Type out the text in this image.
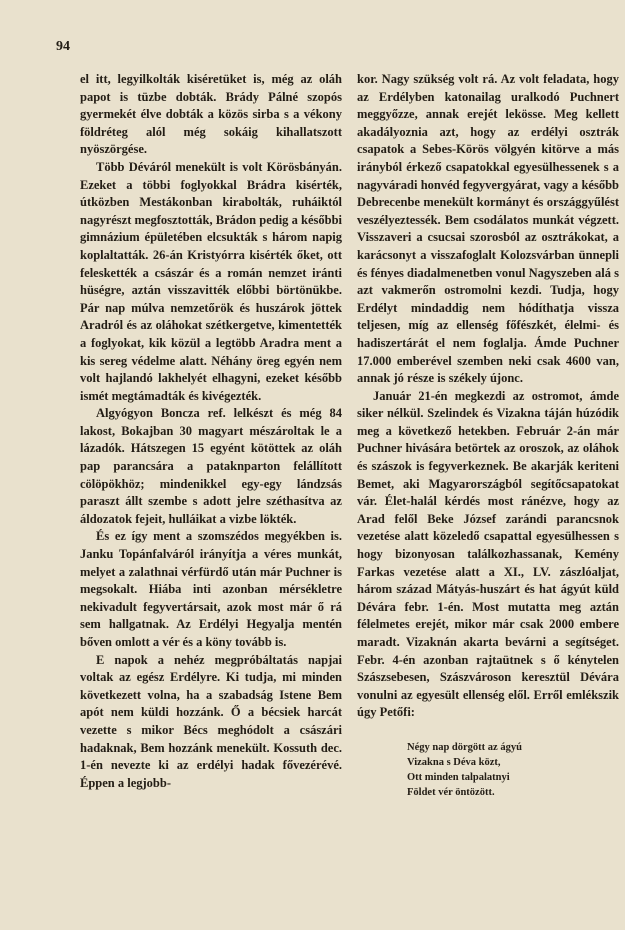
94

el itt, legyilkolták kiséretüket is, még az oláh papot is tüzbe dobták. Brády Pálné szopós gyermekét élve dobták a közös sirba s a vékony földréteg alól még sokáig kihallatszott nyöszörgése.

Több Déváról menekült is volt Körösbányán. Ezeket a többi foglyokkal Brádra kisérték, útközben Mestákonban kirabolták, ruháiktól nagyrészt megfosztották, Brádon pedig a későbbi gimnázium épületében elcsukták s három napig koplaltatták. 26-án Kristyórra kisérték őket, ott feleskették a császár és a román nemzet iránti hüségre, aztán visszavitték előbbi börtönükbe. Pár nap múlva nemzetőrök és huszárok jöttek Aradról és az oláhokat szétkergetve, kimentették a foglyokat, kik közül a legtöbb Aradra ment a kis sereg védelme alatt. Néhány öreg egyén nem volt hajlandó lakhelyét elhagyni, ezeket később ismét megtámadták és kivégezték.

Algyógyon Boncza ref. lelkészt és még 84 lakost, Bokajban 30 magyart mészároltak le a lázadók. Hátszegen 15 egyént kötöttek az oláh pap parancsára a pataknparton felállított cölöpökhöz; mindenikkel egy-egy lándzsás paraszt állt szembe s adott jelre széthasítva az áldozatok fejeit, hulláikat a vizbe lökték.

És ez így ment a szomszédos megyékben is. Janku Topánfalváról irányítja a véres munkát, melyet a zalathnai vérfürdő után már Puchner is megsokalt. Hiába inti azonban mérsékletre nekivadult fegyvertársait, azok most már ő rá sem hallgatnak. Az Erdélyi Hegyalja mentén bőven omlott a vér és a köny tovább is.

E napok a nehéz megpróbáltatás napjai voltak az egész Erdélyre. Ki tudja, mi minden következett volna, ha a szabadság Istene Bem apót nem küldi hozzánk. Ő a bécsiek harcát vezette s mikor Bécs meghódolt a császári hadaknak, Bem hozzánk menekült. Kossuth dec. 1-én nevezte ki az erdélyi hadak fővezérévé. Éppen a legjobb-

kor. Nagy szükség volt rá. Az volt feladata, hogy az Erdélyben katonailag uralkodó Puchnert meggyőzze, annak erejét lekösse. Meg kellett akadályoznia azt, hogy az erdélyi osztrák csapatok a Sebes-Körös völgyén kitörve a más irányból érkező csapatokkal egyesülhessenek s a nagyváradi honvéd fegyvergyárat, vagy a később Debrecenbe menekült kormányt és országgyűlést veszélyeztessék. Bem csodálatos munkát végzett. Visszaveri a csucsai szorosból az osztrákokat, a karácsonyt a visszafoglalt Kolozsvárban ünnepli és fényes diadalmenetben vonul Nagyszeben alá s azt vakmerőn ostromolni kezdi. Tudja, hogy Erdélyt mindaddig nem hódíthatja vissza teljesen, míg az ellenség főfészkét, élelmi- és hadiszertárát el nem foglalja. Ámde Puchner 17.000 emberével szemben neki csak 4600 van, annak jó része is székely újonc.

Január 21-én megkezdi az ostromot, ámde siker nélkül. Szelindek és Vizakna táján húzódik meg a következő hetekben. Február 2-án már Puchner hivására betörtek az oroszok, az oláhok és szászok is fegyverkeznek. Be akarják keriteni Bemet, aki Magyarországból segítőcsapatokat vár. Élet-halál kérdés most ránézve, hogy az Arad felől Beke József zarándi parancsnok vezetése alatt közeledő csapattal egyesülhessen s hogy bizonyosan találkozhassanak, Kemény Farkas vezetése alatt a XI., LV. zászlóaljat, három század Mátyás-huszárt és hat ágyút küld Dévára febr. 1-én. Most mutatta meg aztán félelmetes erejét, mikor már csak 2000 embere maradt. Vizaknán akarta bevárni a segítséget. Febr. 4-én azonban rajtaütnek s ő kénytelen Szászsebesen, Szászvároson keresztül Dévára vonulni az egyesült ellenség elől. Erről emlékszik úgy Petőfi:

Négy nap dörgött az ágyú
Vizakna s Déva közt,
Ott minden talpalatnyi
Földet vér öntözött.
